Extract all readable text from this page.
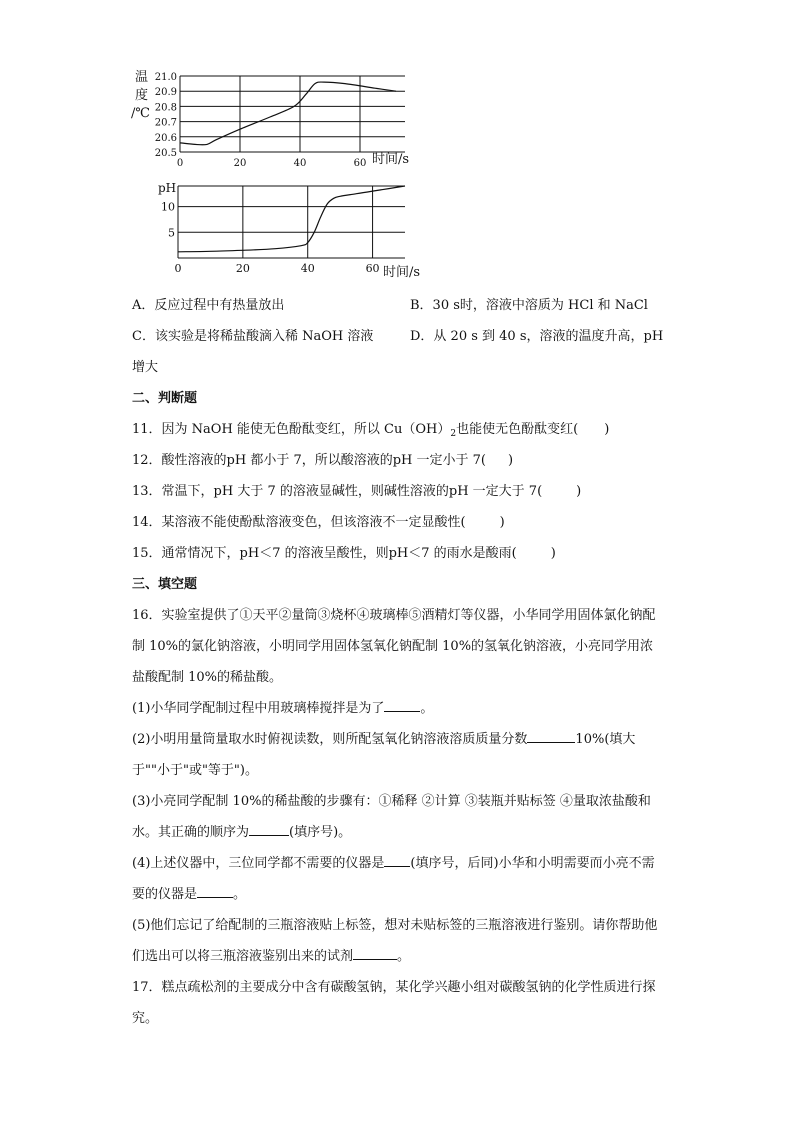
温
度
/℃
20.5
20.6
20.7
20.8
20.9
21.0
0	20	40	60 时间/s
pH
5
10
0	20	40	60 时间/s
A．反应过程中有热量放出	B．30 s时，溶液中溶质为 HCl 和 NaCl
C．该实验是将稀盐酸滴入稀 NaOH 溶液	D．从 20 s 到 40 s，溶液的温度升高，pH
增大
二、判断题
11．因为 NaOH 能使无色酚酞变红，所以 $Cu(OH)_2$也能使无色酚酞变红( )
12．酸性溶液的pH 都小于 7，所以酸溶液的pH 一定小于 7( )
13．常温下，pH 大于 7 的溶液显碱性，则碱性溶液的pH 一定大于 7(	)
14．某溶液不能使酚酞溶液变色，但该溶液不一定显酸性(	)
15．通常情况下，pH＜7 的溶液呈酸性，则pH＜7 的雨水是酸雨(	)
三、填空题
16．实验室提供了①天平②量筒③烧杯④玻璃棒⑤酒精灯等仪器，小华同学用固体氯化钠配制 10%的氯化钠溶液，小明同学用固体氢氧化钠配制 10%的氢氧化钠溶液，小亮同学用浓盐酸配制 10%的稀盐酸。
(1)小华同学配制过程中用玻璃棒搅拌是为了	。
(2)小明用量筒量取水时俯视读数，则所配氢氧化钠溶液溶质质量分数	10%(填大于""小于"或"等于")。
(3)小亮同学配制 10%的稀盐酸的步骤有：①稀释 ②计算 ③装瓶并贴标签 ④量取浓盐酸和水。其正确的顺序为	(填序号)。
(4)上述仪器中，三位同学都不需要的仪器是 (填序号，后同)小华和小明需要而小亮不需要的仪器是	。
(5)他们忘记了给配制的三瓶溶液贴上标签，想对未贴标签的三瓶溶液进行鉴别。请你帮助他们选出可以将三瓶溶液鉴别出来的试剂	。
17．糕点疏松剂的主要成分中含有碳酸氢钠，某化学兴趣小组对碳酸氢钠的化学性质进行探究。
